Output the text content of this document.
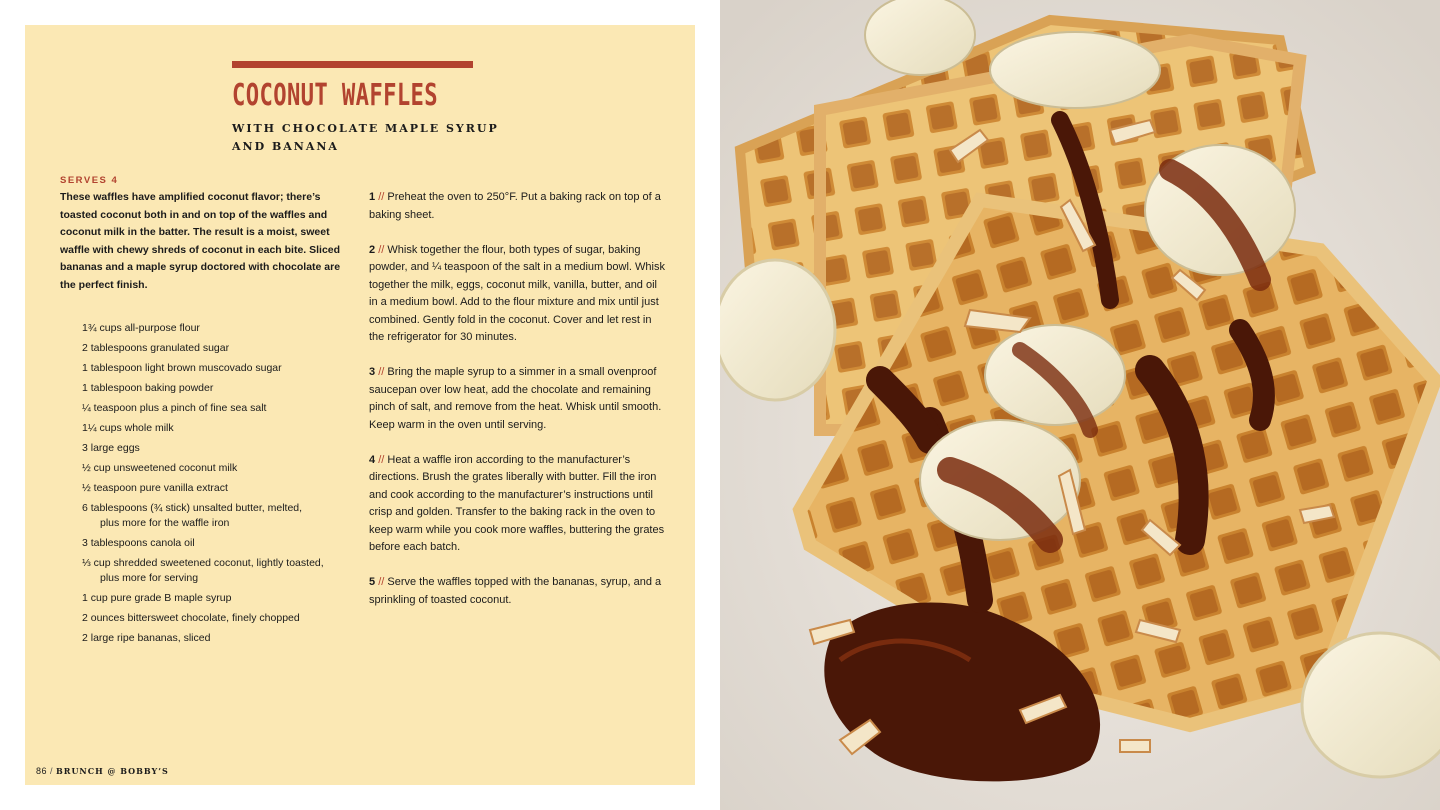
COCONUT WAFFLES
WITH CHOCOLATE MAPLE SYRUP
AND BANANA
SERVES 4
These waffles have amplified coconut flavor; there’s toasted coconut both in and on top of the waffles and coconut milk in the batter. The result is a moist, sweet waffle with chewy shreds of coconut in each bite. Sliced bananas and a maple syrup doctored with chocolate are the perfect finish.
1¾ cups all-purpose flour
2 tablespoons granulated sugar
1 tablespoon light brown muscovado sugar
1 tablespoon baking powder
¼ teaspoon plus a pinch of fine sea salt
1¼ cups whole milk
3 large eggs
½ cup unsweetened coconut milk
½ teaspoon pure vanilla extract
6 tablespoons (¾ stick) unsalted butter, melted,
plus more for the waffle iron
3 tablespoons canola oil
⅓ cup shredded sweetened coconut, lightly toasted,
plus more for serving
1 cup pure grade B maple syrup
2 ounces bittersweet chocolate, finely chopped
2 large ripe bananas, sliced

1 // Preheat the oven to 250°F. Put a baking rack on top of a baking sheet.

2 // Whisk together the flour, both types of sugar, baking powder, and ¼ teaspoon of the salt in a medium bowl. Whisk together the milk, eggs, coconut milk, vanilla, butter, and oil in a medium bowl. Add to the flour mixture and mix until just combined. Gently fold in the coconut. Cover and let rest in the refrigerator for 30 minutes.

3 // Bring the maple syrup to a simmer in a small ovenproof saucepan over low heat, add the chocolate and remaining pinch of salt, and remove from the heat. Whisk until smooth. Keep warm in the oven until serving.

4 // Heat a waffle iron according to the manufacturer’s directions. Brush the grates liberally with butter. Fill the iron and cook according to the manufacturer’s instructions until crisp and golden. Transfer to the baking rack in the oven to keep warm while you cook more waffles, buttering the grates before each batch.

5 // Serve the waffles topped with the bananas, syrup, and a sprinkling of toasted coconut.

86 / BRUNCH @ BOBBY’S
